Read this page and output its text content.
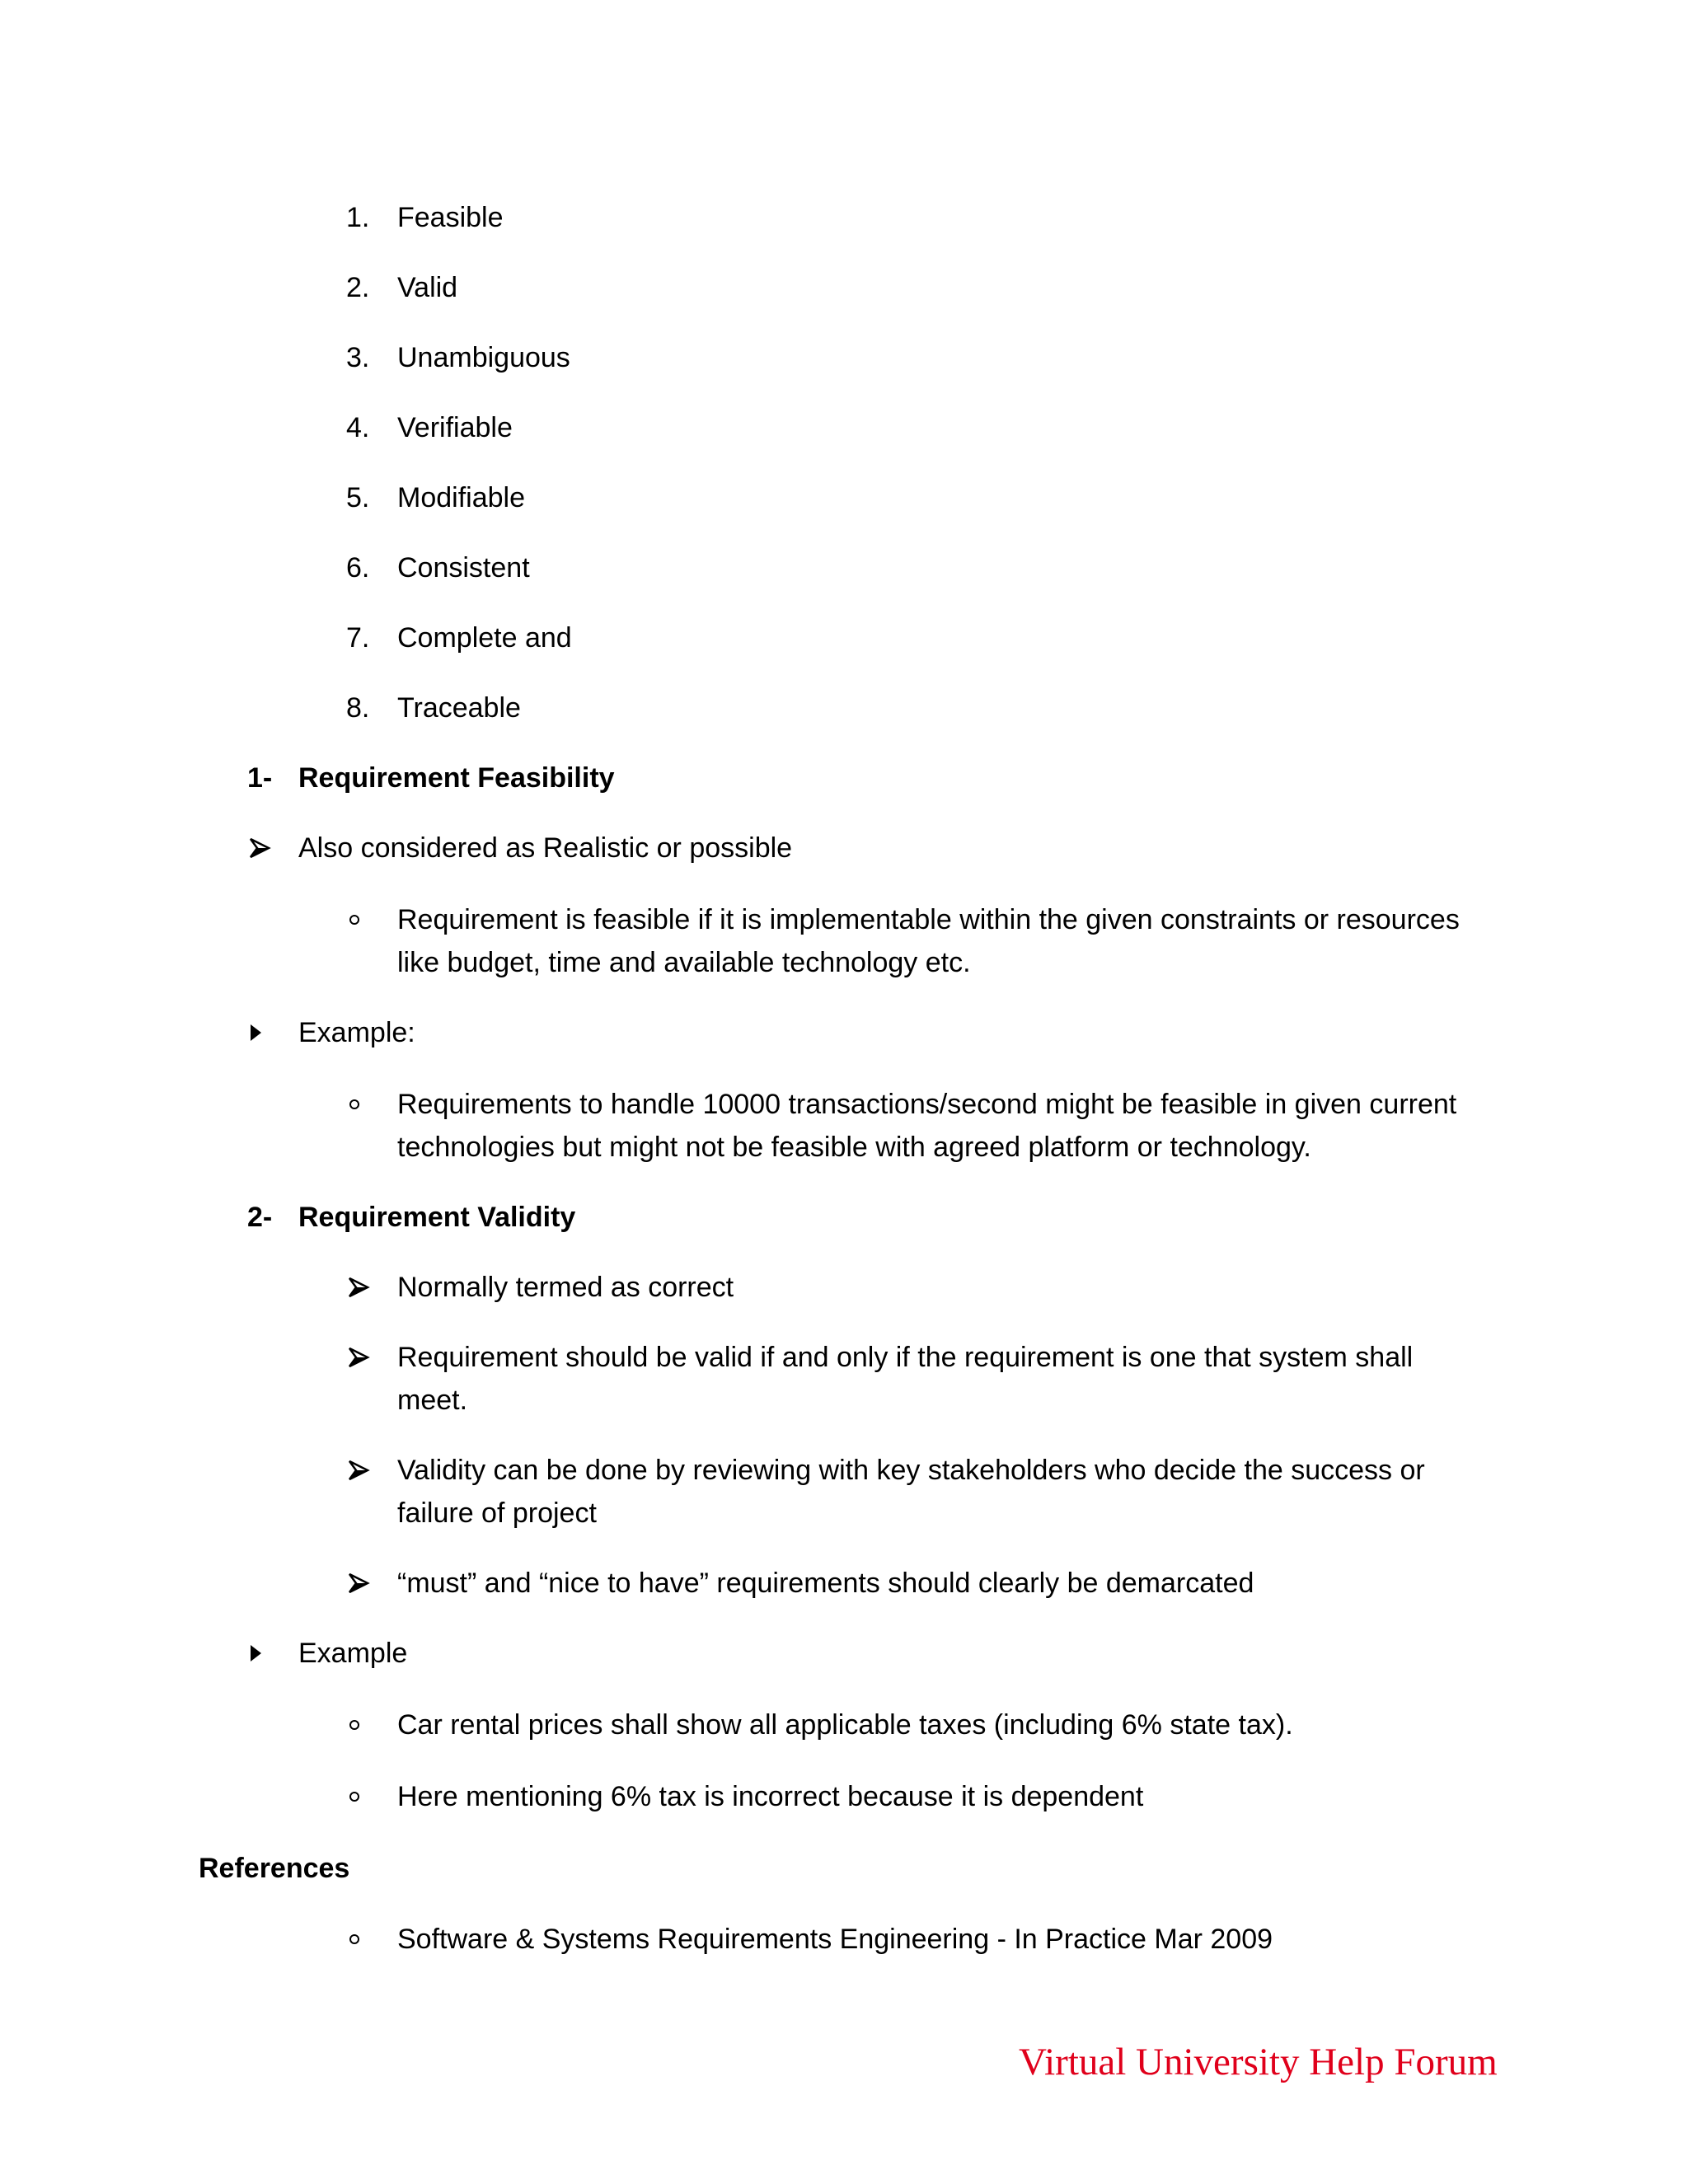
1. Feasible
2. Valid
3. Unambiguous
4. Verifiable
5. Modifiable
6. Consistent
7. Complete and
8. Traceable
1- Requirement Feasibility
Also considered as Realistic or possible
Requirement is feasible if it is implementable within the given constraints or resources like budget, time and available technology etc.
Example:
Requirements to handle 10000 transactions/second might be feasible in given current technologies but might not be feasible with agreed platform or technology.
2- Requirement Validity
Normally termed as correct
Requirement should be valid if and only if the requirement is one that system shall meet.
Validity can be done by reviewing with key stakeholders who decide the success or failure of project
“must” and “nice to have” requirements should clearly be demarcated
Example
Car rental prices shall show all applicable taxes (including 6% state tax).
Here mentioning 6% tax is incorrect because it is dependent
References
Software & Systems Requirements Engineering - In Practice Mar 2009
Virtual University Help Forum
